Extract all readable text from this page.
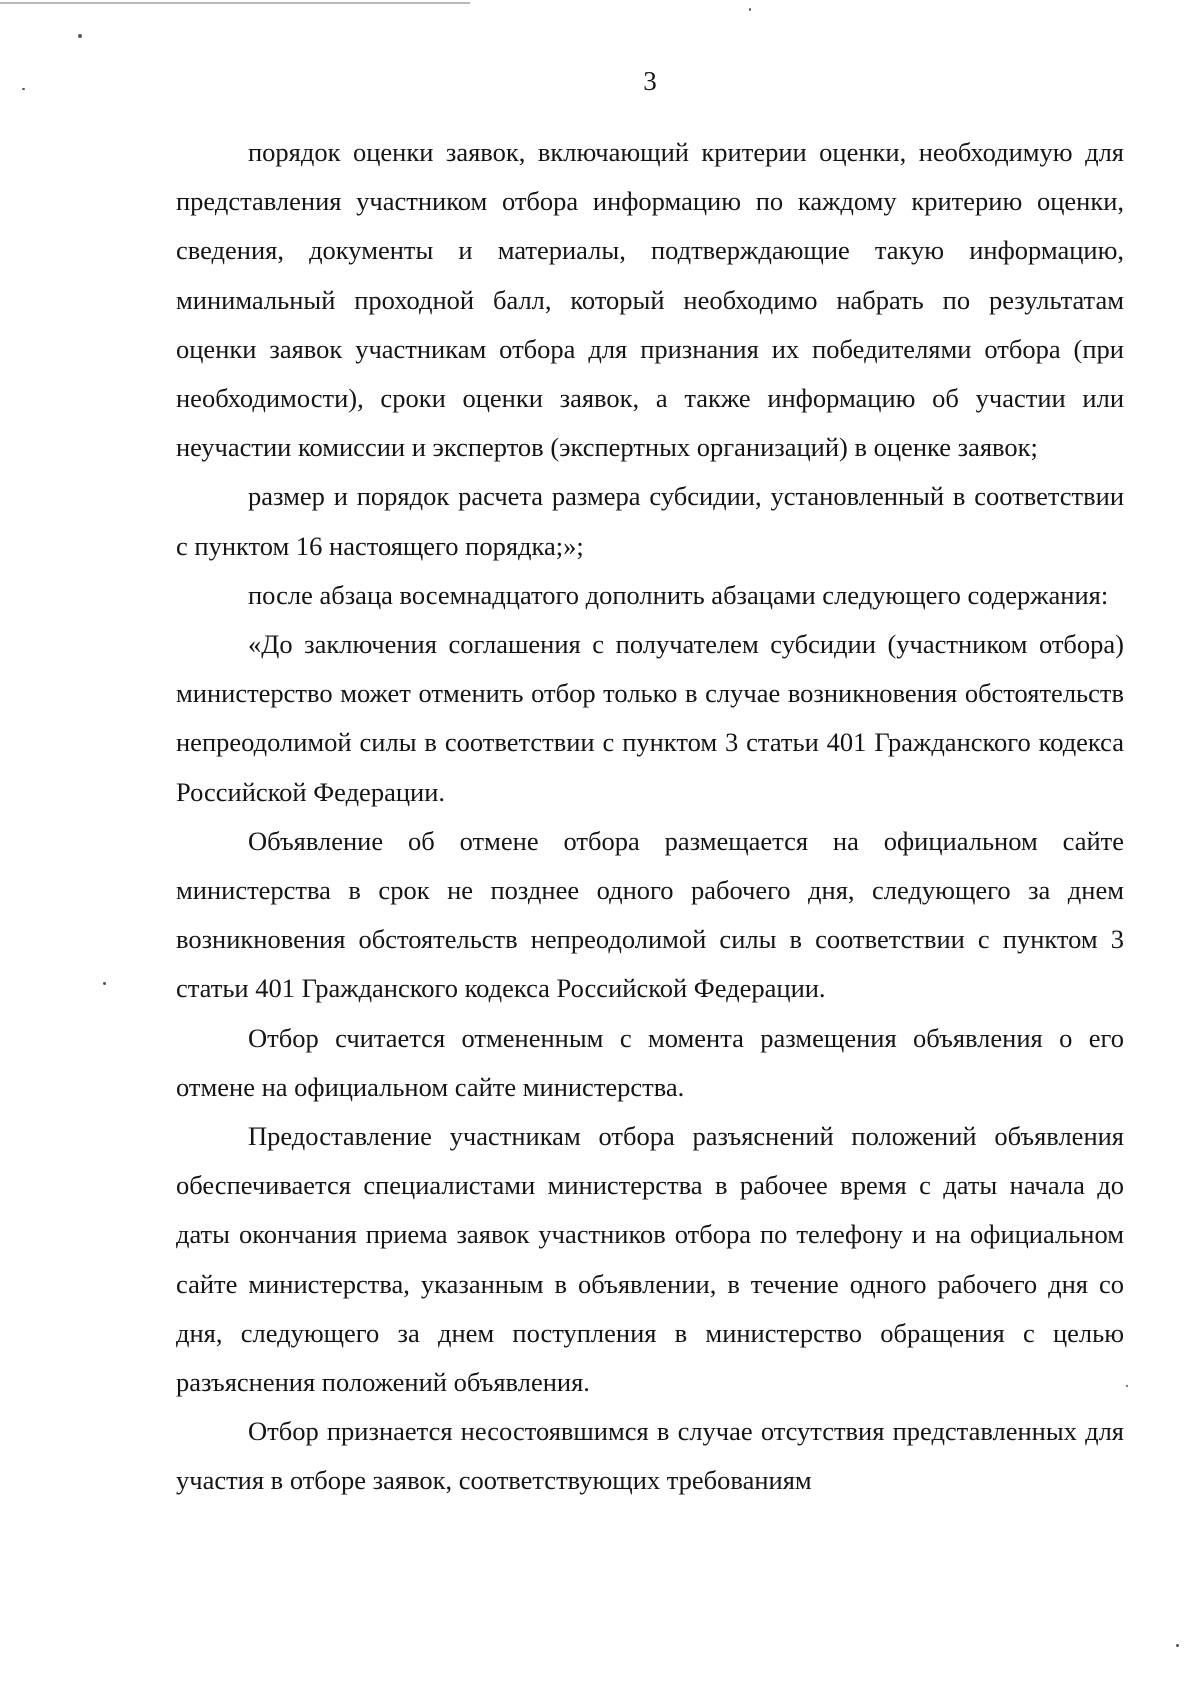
3

порядок оценки заявок, включающий критерии оценки, необходимую для представления участником отбора информацию по каждому критерию оценки, сведения, документы и материалы, подтверждающие такую информацию, минимальный проходной балл, который необходимо набрать по результатам оценки заявок участникам отбора для признания их победителями отбора (при необходимости), сроки оценки заявок, а также информацию об участии или неучастии комиссии и экспертов (экспертных организаций) в оценке заявок;

размер и порядок расчета размера субсидии, установленный в соответствии с пунктом 16 настоящего порядка;»;

после абзаца восемнадцатого дополнить абзацами следующего содержания:

«До заключения соглашения с получателем субсидии (участником отбора) министерство может отменить отбор только в случае возникновения обстоятельств непреодолимой силы в соответствии с пунктом 3 статьи 401 Гражданского кодекса Российской Федерации.

Объявление об отмене отбора размещается на официальном сайте министерства в срок не позднее одного рабочего дня, следующего за днем возникновения обстоятельств непреодолимой силы в соответствии с пунктом 3 статьи 401 Гражданского кодекса Российской Федерации.

Отбор считается отмененным с момента размещения объявления о его отмене на официальном сайте министерства.

Предоставление участникам отбора разъяснений положений объявления обеспечивается специалистами министерства в рабочее время с даты начала до даты окончания приема заявок участников отбора по телефону и на официальном сайте министерства, указанным в объявлении, в течение одного рабочего дня со дня, следующего за днем поступления в министерство обращения с целью разъяснения положений объявления.

Отбор признается несостоявшимся в случае отсутствия представленных для участия в отборе заявок, соответствующих требованиям
